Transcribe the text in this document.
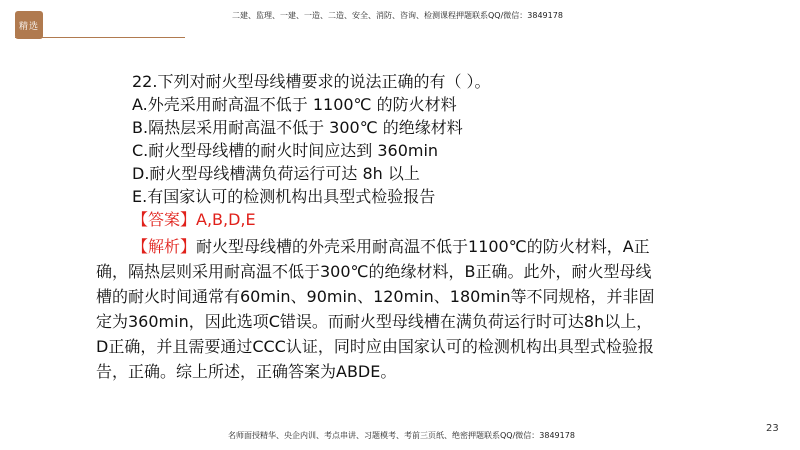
精选
二建、监理、一建、一造、二造、安全、消防、咨询、检测课程押题联系QQ/微信：3849178
22.下列对耐火型母线槽要求的说法正确的有（ ）。
A.外壳采用耐高温不低于 1100℃ 的防火材料
B.隔热层采用耐高温不低于 300℃ 的绝缘材料
C.耐火型母线槽的耐火时间应达到 360min
D.耐火型母线槽满负荷运行可达 8h 以上
E.有国家认可的检测机构出具型式检验报告
【答案】A,B,D,E
【解析】耐火型母线槽的外壳采用耐高温不低于1100℃的防火材料，A正确，隔热层则采用耐高温不低于300℃的绝缘材料，B正确。此外，耐火型母线槽的耐火时间通常有60min、90min、120min、180min等不同规格，并非固定为360min，因此选项C错误。而耐火型母线槽在满负荷运行时可达8h以上，D正确，并且需要通过CCC认证，同时应由国家认可的检测机构出具型式检验报告，正确。综上所述，正确答案为ABDE。
名师面授精华、央企内训、考点串讲、习题模考、考前三页纸、绝密押题联系QQ/微信：3849178
23
